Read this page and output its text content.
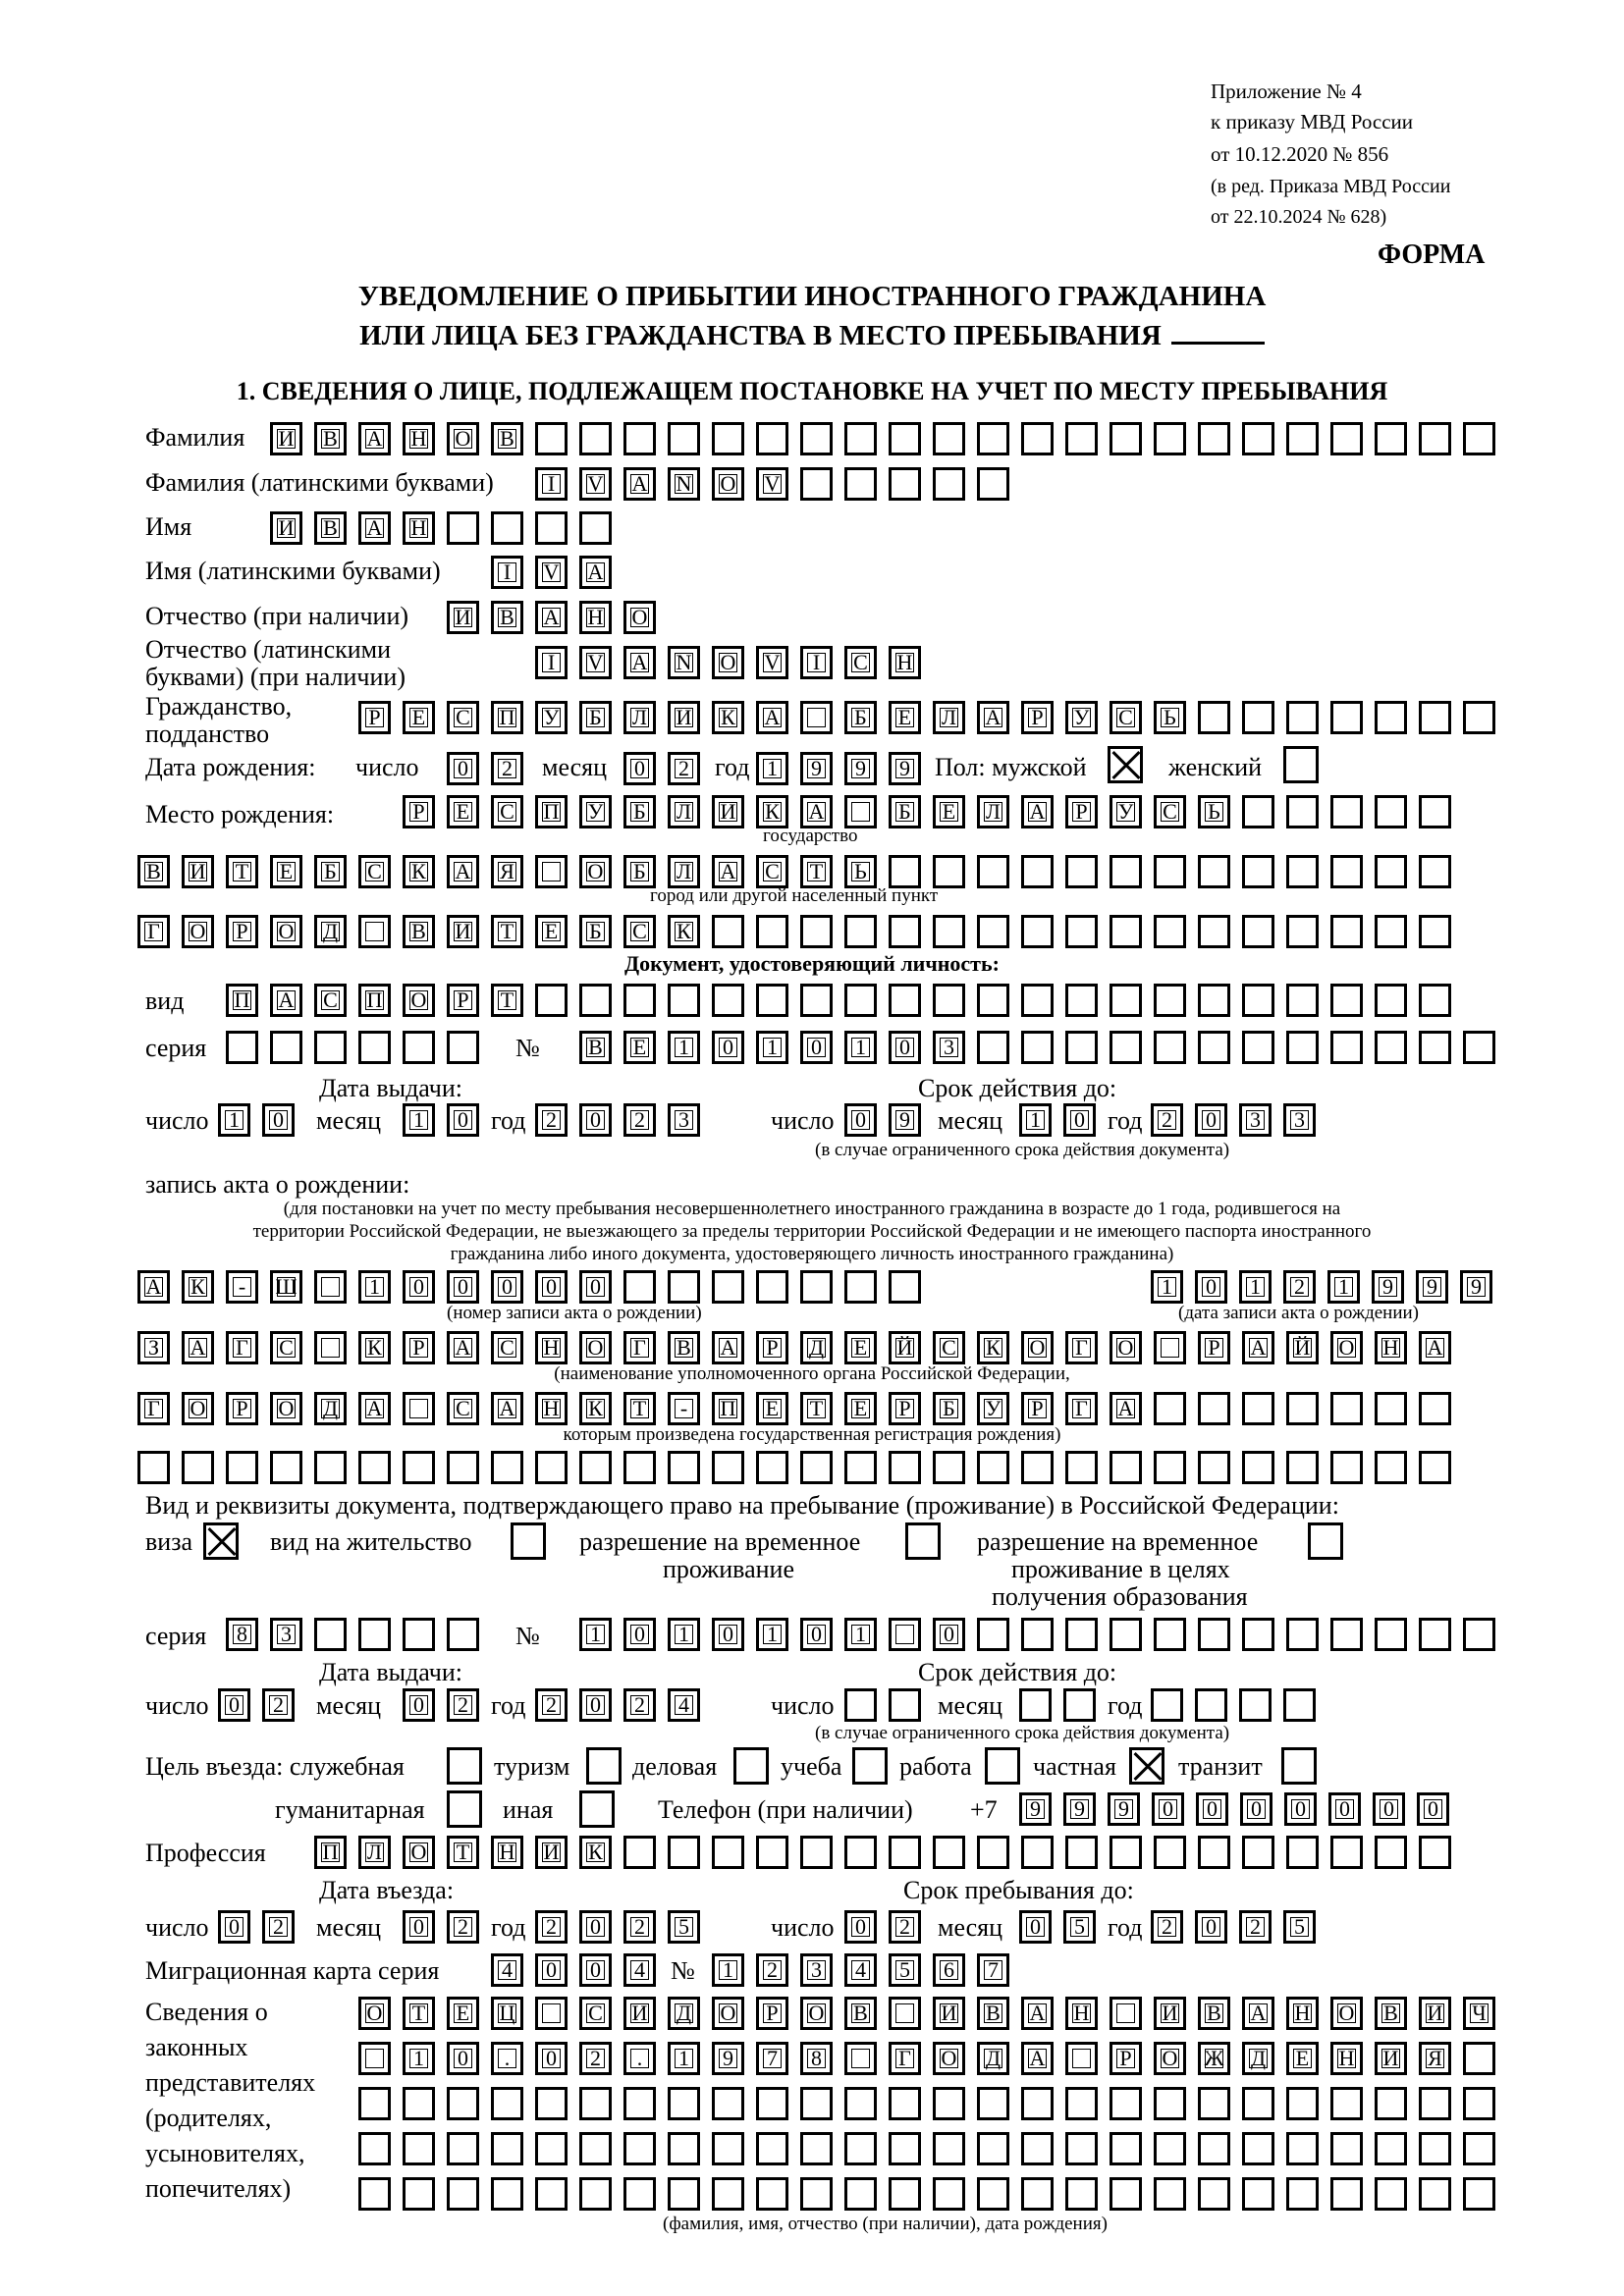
Приложение № 4
к приказу МВД России
от 10.12.2020 № 856
(в ред. Приказа МВД России
от 22.10.2024 № 628)
ФОРМА
УВЕДОМЛЕНИЕ О ПРИБЫТИИ ИНОСТРАННОГО ГРАЖДАНИНА
ИЛИ ЛИЦА БЕЗ ГРАЖДАНСТВА В МЕСТО ПРЕБЫВАНИЯ
1. СВЕДЕНИЯ О ЛИЦЕ, ПОДЛЕЖАЩЕМ ПОСТАНОВКЕ НА УЧЕТ ПО МЕСТУ ПРЕБЫВАНИЯ
Фамилия И В А Н О В
Фамилия (латинскими буквами)	I V A N O V
Имя	И В А Н
Имя (латинскими буквами)	I V A
Отчество (при наличии) И В А Н О
Отчество (латинскими
буквами) (при наличии)
I V A N O V I C H
Гражданство,
подданство
Р Е С П У Б Л И К А	Б Е Л А Р У С Ь
Дата рождения: число 0 2 месяц 0 2 год 1 9 9 9 Пол: мужской	женский
Место рождения:	Р Е С П У Б Л И К А	Б Е Л А Р У С Ь
государство
В И Т Е Б С К А Я	О Б Л А С Т Ь
город или другой населенный пункт
Г О Р О Д	В И Т Е Б С К
Документ, удостоверяющий личность:
вид П А С П О Р Т
серия	№ В Е 1 0 1 0 1 0 3
Дата выдачи:	Срок действия до:
число 1 0 месяц 1 0 год 2 0 2 3	число 0 9 месяц 1 0 год 2 0 3 3
(в случае ограниченного срока действия документа)
запись акта о рождении:
(для постановки на учет по месту пребывания несовершеннолетнего иностранного гражданина в возрасте до 1 года, родившегося на
территории Российской Федерации, не выезжающего за пределы территории Российской Федерации и не имеющего паспорта иностранного
гражданина либо иного документа, удостоверяющего личность иностранного гражданина)
А К - Ш	1 0 0 0 0 0	1 0 1 2 1 9 9 9
(номер записи акта о рождении)	(дата записи акта о рождении)
З А Г С	К Р А С Н О Г В А Р Д Е Й С К О Г О	Р А Й О Н А
(наименование уполномоченного органа Российской Федерации,
Г О Р О Д А	С А Н К Т - П Е Т Е Р Б У Р Г А
которым произведена государственная регистрация рождения)
Вид и реквизиты документа, подтверждающего право на пребывание (проживание) в Российской Федерации:
виза	вид на жительство	разрешение на временное
проживание
разрешение на временное
проживание в целях
получения образования
серия 8 3	№ 1 0 1 0 1 0 1	0
Дата выдачи:	Срок действия до:
число 0 2 месяц 0 2 год 2 0 2 4	число	месяц	год
(в случае ограниченного срока действия документа)
Цель въезда: служебная	туризм деловая учеба работа частная транзит
гуманитарная	иная	Телефон (при наличии) +7 9 9 9 0 0 0 0 0 0 0
Профессия	П Л О Т Н И К
Дата въезда:	Срок пребывания до:
число 0 2 месяц 0 2 год 2 0 2 5	число 0 2 месяц 0 5 год 2 0 2 5
Миграционная карта серия	4 0 0 4 № 1 2 3 4 5 6 7
Сведения о
законных
представителях
(родителях,
усыновителях,
попечителях)
О Т Е Ц	С И Д О Р О В	И В А Н	И В А Н О В И Ч
1 0	.	0 2	.	1 9 7 8	Г О Д А	Р О Ж Д Е Н И Я
(фамилия, имя, отчество (при наличии), дата рождения)
